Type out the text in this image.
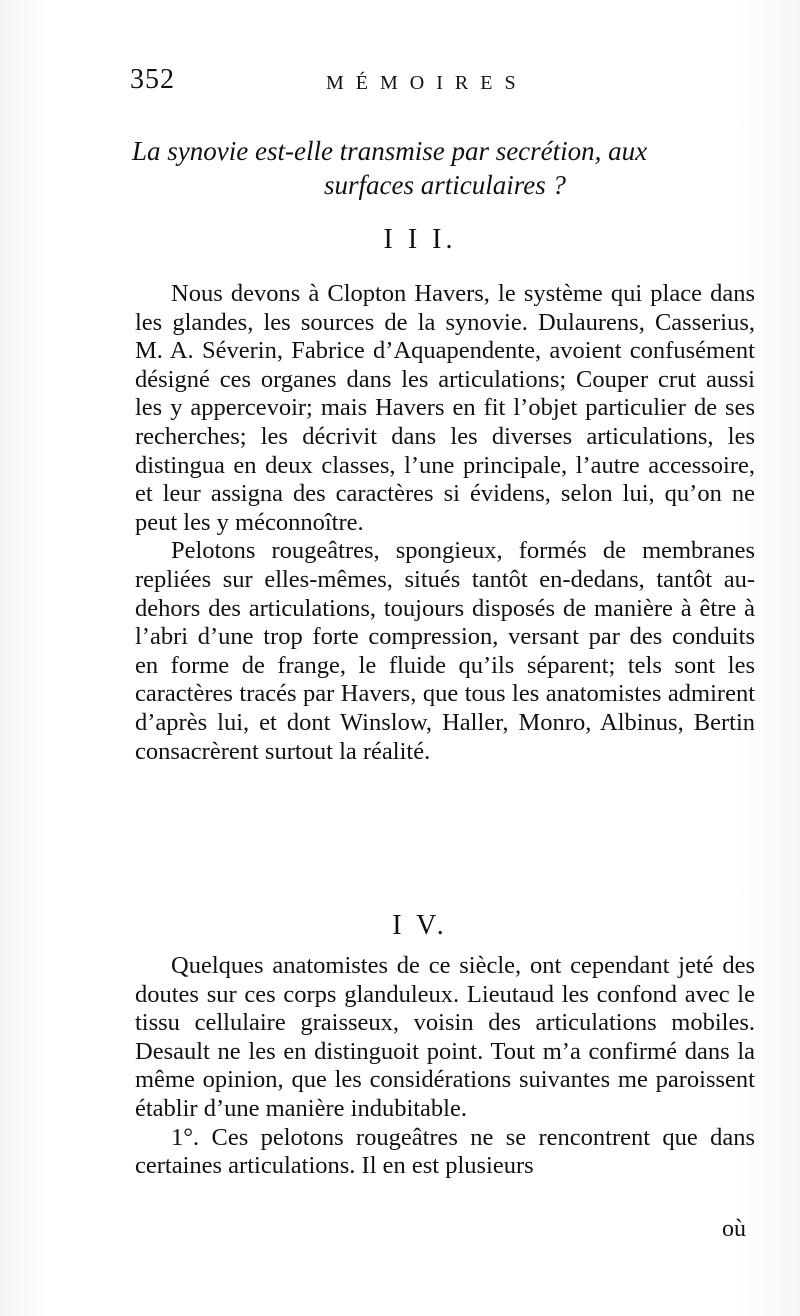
352	MÉMOIRES
La synovie est-elle transmise par secrétion, aux
surfaces articulaires ?
I I I.

Nous devons à Clopton Havers, le système qui place dans les glandes, les sources de la synovie. Dulaurens, Casserius, M. A. Séverin, Fabrice d’Aquapendente, avoient confusément désigné ces organes dans les articulations; Couper crut aussi les y appercevoir; mais Havers en fit l’objet particulier de ses recherches; les décrivit dans les diverses articulations, les distingua en deux classes, l’une principale, l’autre accessoire, et leur assigna des caractères si évidens, selon lui, qu’on ne peut les y méconnoître.

Pelotons rougeâtres, spongieux, formés de membranes repliées sur elles-mêmes, situés tantôt en-dedans, tantôt au-dehors des articulations, toujours disposés de manière à être à l’abri d’une trop forte compression, versant par des conduits en forme de frange, le fluide qu’ils séparent; tels sont les caractères tracés par Havers, que tous les anatomistes admirent d’après lui, et dont Winslow, Haller, Monro, Albinus, Bertin consacrèrent surtout la réalité.

I V.

Quelques anatomistes de ce siècle, ont cependant jeté des doutes sur ces corps glanduleux. Lieutaud les confond avec le tissu cellulaire graisseux, voisin des articulations mobiles. Desault ne les en distinguoit point. Tout m’a confirmé dans la même opinion, que les considérations suivantes me paroissent établir d’une manière indubitable.

1°. Ces pelotons rougeâtres ne se rencontrent que dans certaines articulations. Il en est plusieurs

où
